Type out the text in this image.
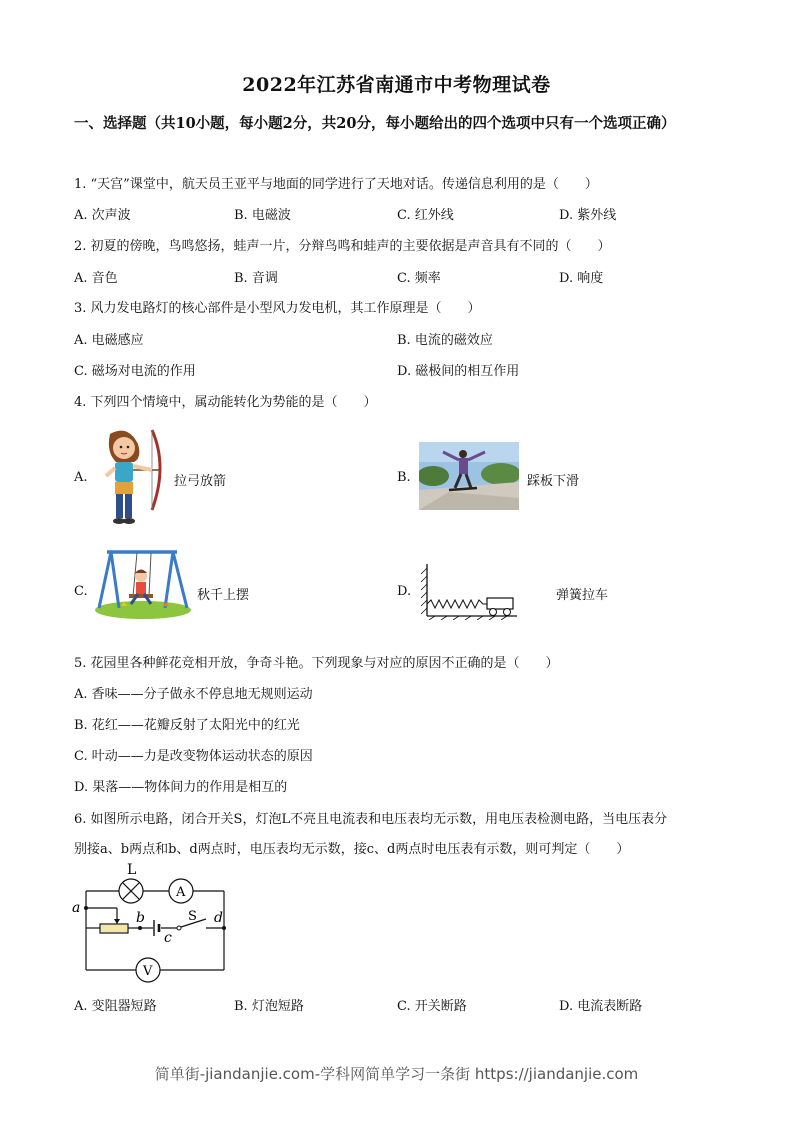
2022年江苏省南通市中考物理试卷
一、选择题（共10小题，每小题2分，共20分，每小题给出的四个选项中只有一个选项正确）
1. “天宫”课堂中，航天员王亚平与地面的同学进行了天地对话。传递信息利用的是（　　）
A. 次声波	B. 电磁波	C. 红外线	D. 紫外线
2. 初夏的傍晚，鸟鸣悠扬，蛙声一片，分辩鸟鸣和蛙声的主要依据是声音具有不同的（　　）
A. 音色	B. 音调	C. 频率	D. 响度
3. 风力发电路灯的核心部件是小型风力发电机，其工作原理是（　　）
A. 电磁感应	B. 电流的磁效应
C. 磁场对电流的作用	D. 磁极间的相互作用
4. 下列四个情境中，属动能转化为势能的是（　　）
A.	拉弓放箭	B.	踩板下滑
C.	秋千上摆	D.	弹簧拉车
5. 花园里各种鲜花竞相开放，争奇斗艳。下列现象与对应的原因不正确的是（　　）
A. 香味——分子做永不停息地无规则运动
B. 花红——花瓣反射了太阳光中的红光
C. 叶动——力是改变物体运动状态的原因
D. 果落——物体间力的作用是相互的
6. 如图所示电路，闭合开关S，灯泡L不亮且电流表和电压表均无示数，用电压表检测电路，当电压表分
别接a、b两点和b、d两点时，电压表均无示数，接c、d两点时电压表有示数，则可判定（　　）
L
A
V
S
a
b
c
d
A. 变阻器短路	B. 灯泡短路	C. 开关断路	D. 电流表断路
简单街-jiandanjie.com-学科网简单学习一条街 https://jiandanjie.com
